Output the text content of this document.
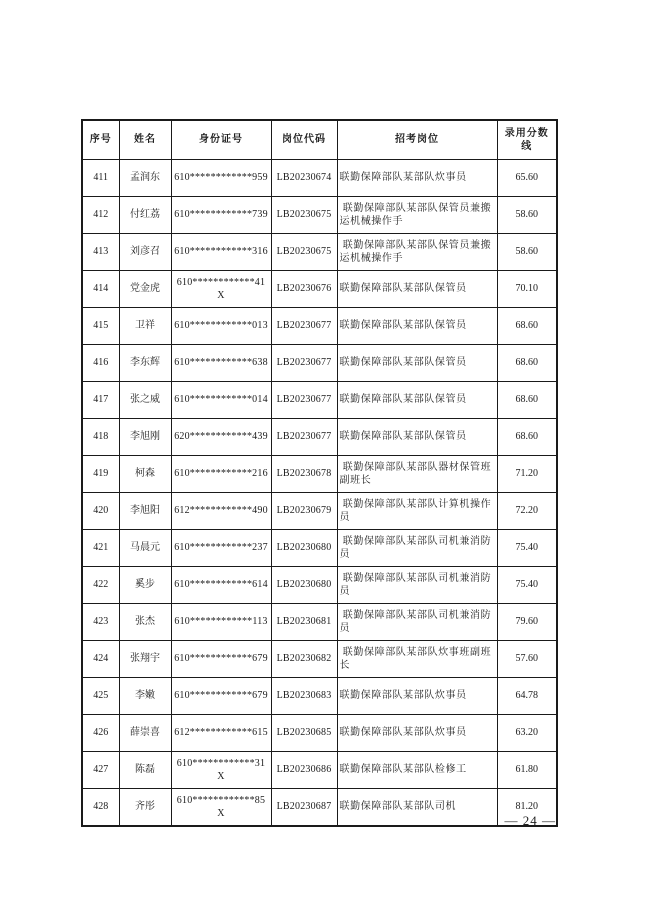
序号	姓名	身份证号	岗位代码	招考岗位	录用分数线
411	孟润东	610************959	LB20230674	联勤保障部队某部队炊事员	65.60
412	付红荔	610************739	LB20230675	联勤保障部队某部队保管员兼搬运机械操作手	58.60
413	刘彦召	610************316	LB20230675	联勤保障部队某部队保管员兼搬运机械操作手	58.60
414	党金虎	610************41X	LB20230676	联勤保障部队某部队保管员	70.10
415	卫祥	610************013	LB20230677	联勤保障部队某部队保管员	68.60
416	李东辉	610************638	LB20230677	联勤保障部队某部队保管员	68.60
417	张之威	610************014	LB20230677	联勤保障部队某部队保管员	68.60
418	李旭刚	620************439	LB20230677	联勤保障部队某部队保管员	68.60
419	柯森	610************216	LB20230678	联勤保障部队某部队器材保管班副班长	71.20
420	李旭阳	612************490	LB20230679	联勤保障部队某部队计算机操作员	72.20
421	马晨元	610************237	LB20230680	联勤保障部队某部队司机兼消防员	75.40
422	奚步	610************614	LB20230680	联勤保障部队某部队司机兼消防员	75.40
423	张杰	610************113	LB20230681	联勤保障部队某部队司机兼消防员	79.60
424	张翔宇	610************679	LB20230682	联勤保障部队某部队炊事班副班长	57.60
425	李嫩	610************679	LB20230683	联勤保障部队某部队炊事员	64.78
426	薛崇喜	612************615	LB20230685	联勤保障部队某部队炊事员	63.20
427	陈磊	610************31X	LB20230686	联勤保障部队某部队检修工	61.80
428	齐彤	610************85X	LB20230687	联勤保障部队某部队司机	81.20
— 24 —
